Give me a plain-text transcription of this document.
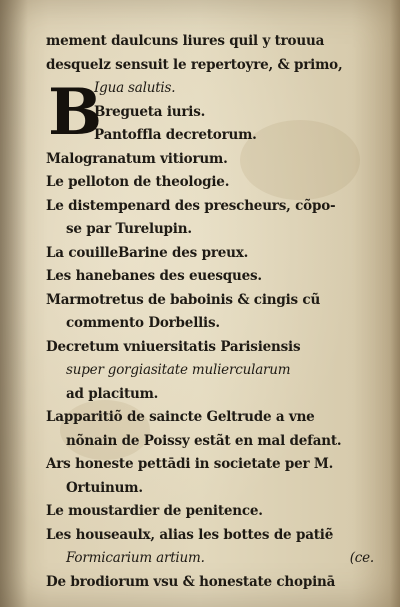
mement daulcuns liures quil y trouua
desquelz sensuit le repertoyre, & primo,
B
Igua salutis.
Bregueta iuris.
Pantoffla decretorum.
Malogranatum vitiorum.
Le pelloton de theologie.
Le distempenard des prescheurs, cõpo-
se par Turelupin.
La couilleBarine des preux.
Les hanebanes des euesques.
Marmotretus de baboinis & cingis cũ
commento Dorbellis.
Decretum vniuersitatis Parisiensis
super gorgiasitate muliercularum
ad placitum.
Lapparitiõ de saincte Geltrude a vne
nõnain de Poissy estãt en mal defant.
Ars honeste pettādi in societate per M.
Ortuinum.
Le moustardier de penitence.
Les houseaulx, alias les bottes de patiẽ
Formicarium artium.	(ce.
De brodiorum vsu & honestate chopinā
